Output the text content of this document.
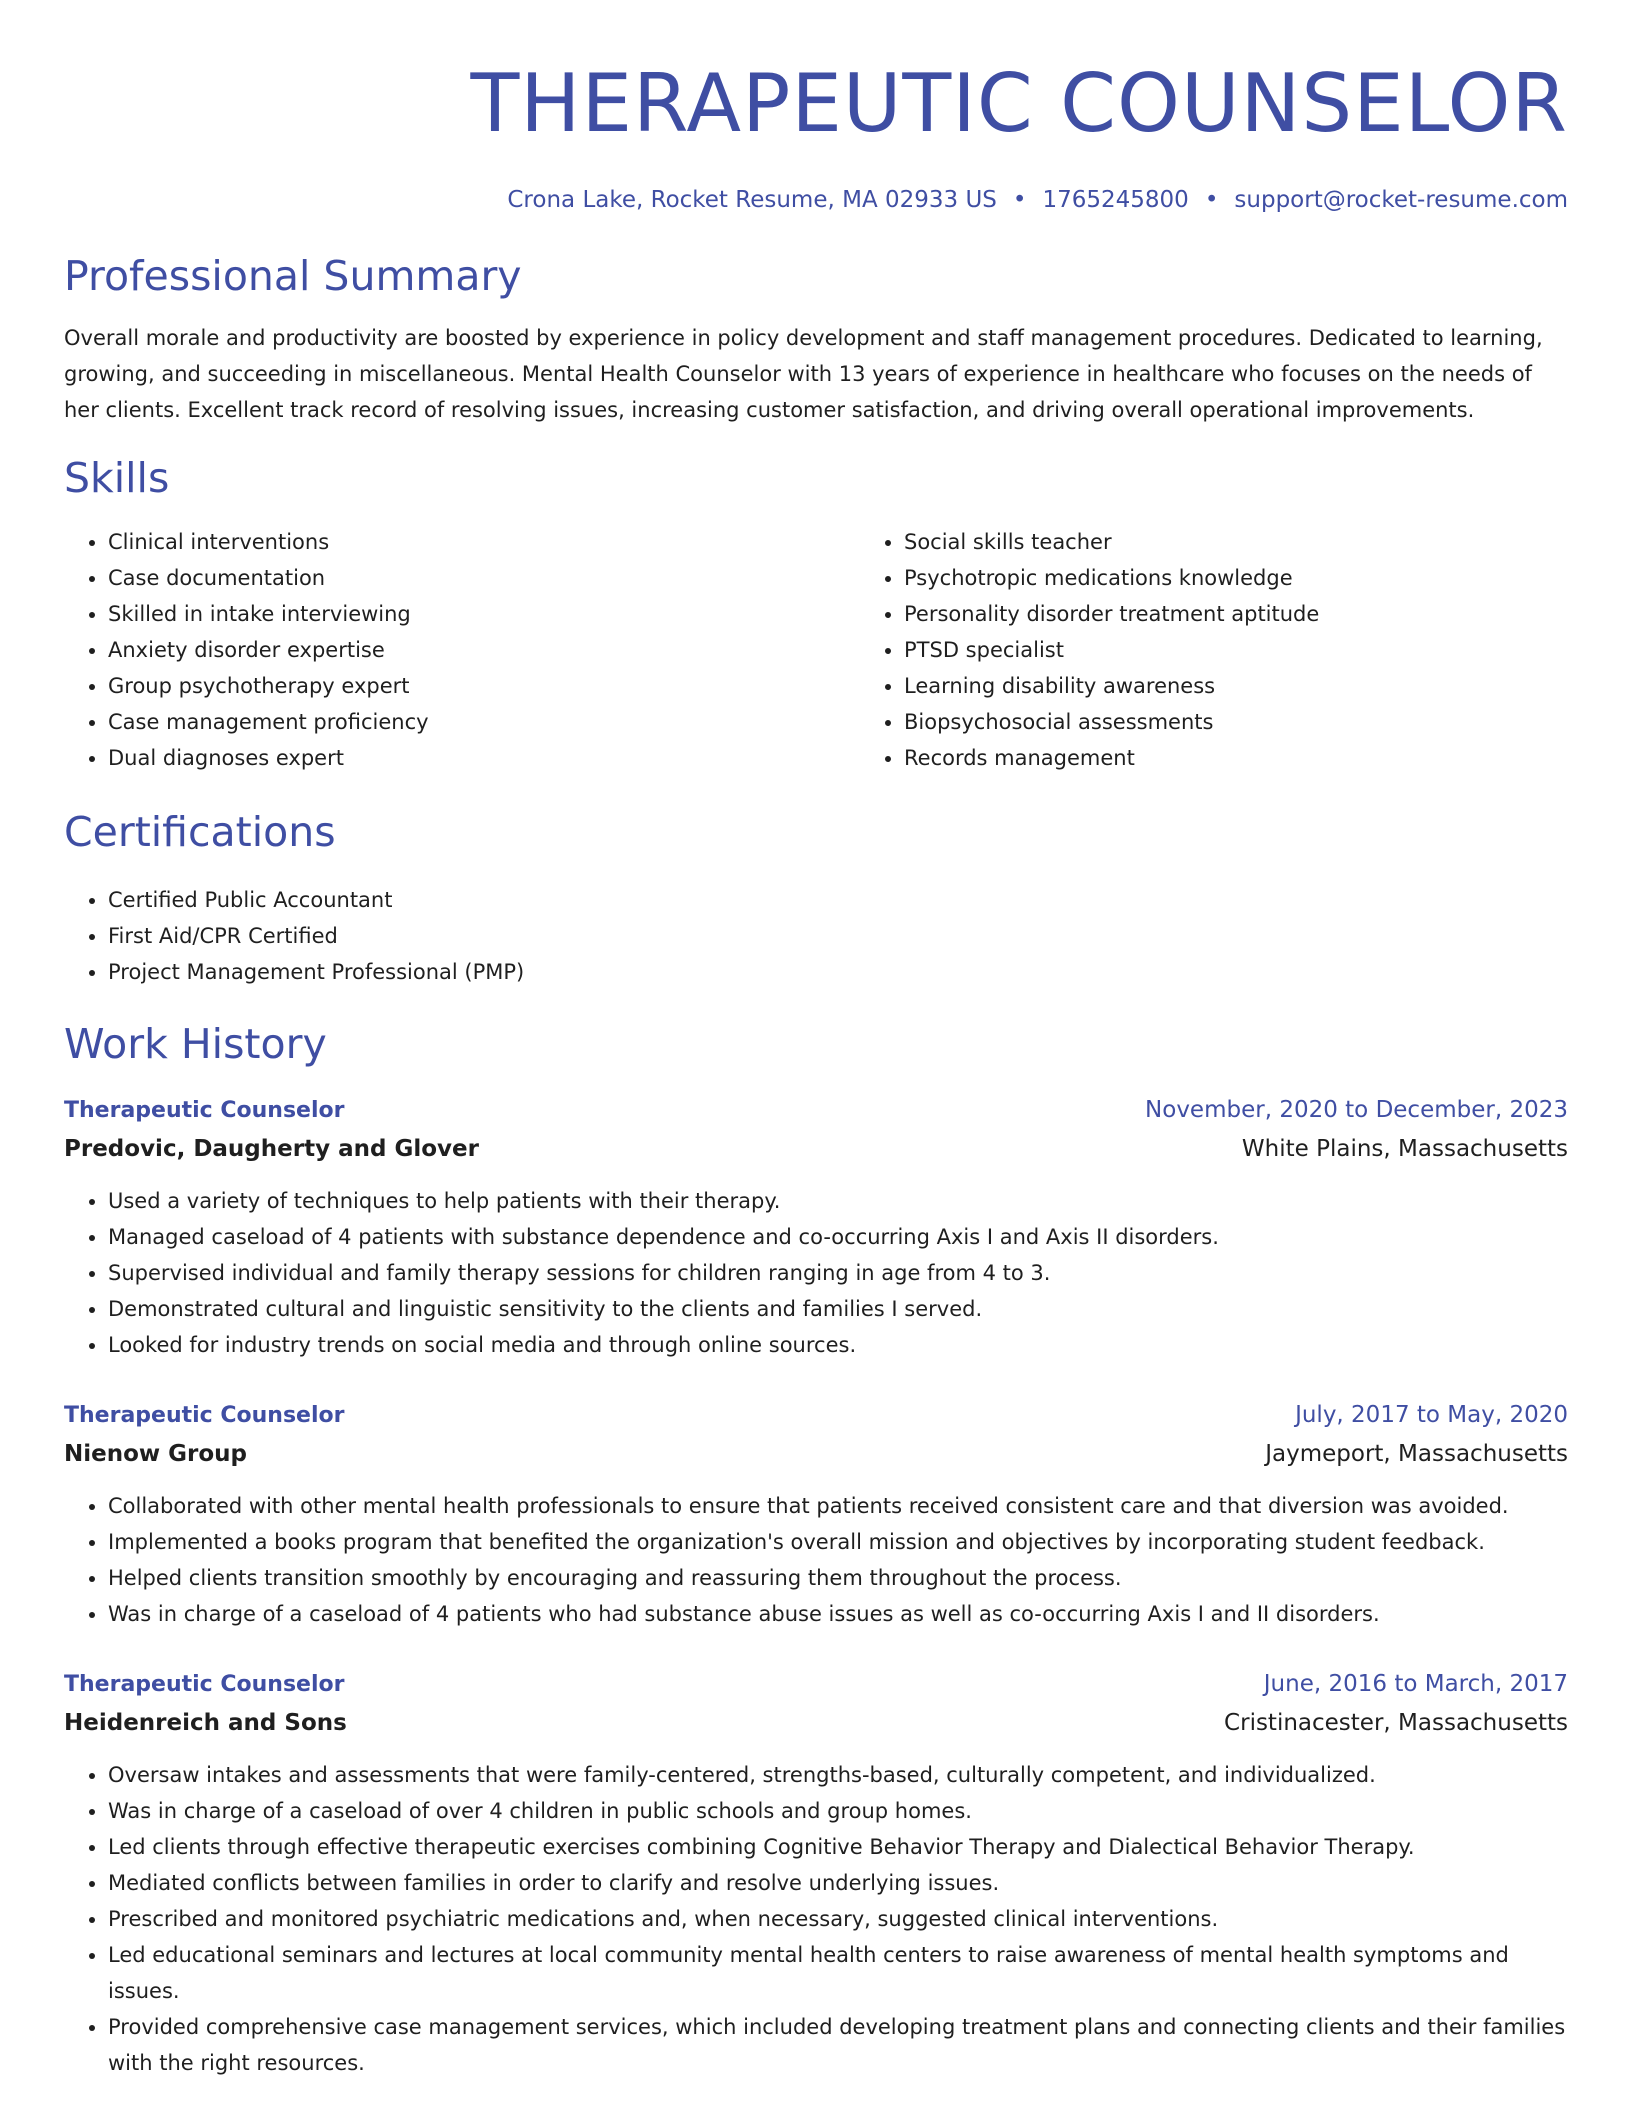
THERAPEUTIC COUNSELOR
Crona Lake, Rocket Resume, MA 02933 US • 1765245800 • support@rocket-resume.com
Professional Summary

Overall morale and productivity are boosted by experience in policy development and staff management procedures. Dedicated to learning, growing, and succeeding in miscellaneous. Mental Health Counselor with 13 years of experience in healthcare who focuses on the needs of her clients. Excellent track record of resolving issues, increasing customer satisfaction, and driving overall operational improvements.

Skills
• Clinical interventions
• Case documentation
• Skilled in intake interviewing
• Anxiety disorder expertise
• Group psychotherapy expert
• Case management proficiency
• Dual diagnoses expert
• Social skills teacher
• Psychotropic medications knowledge
• Personality disorder treatment aptitude
• PTSD specialist
• Learning disability awareness
• Biopsychosocial assessments
• Records management
Certifications
• Certified Public Accountant
• First Aid/CPR Certified
• Project Management Professional (PMP)
Work History
Therapeutic Counselor	November, 2020 to December, 2023
Predovic, Daugherty and Glover	White Plains, Massachusetts
• Used a variety of techniques to help patients with their therapy.
• Managed caseload of 4 patients with substance dependence and co-occurring Axis I and Axis II disorders.
• Supervised individual and family therapy sessions for children ranging in age from 4 to 3.
• Demonstrated cultural and linguistic sensitivity to the clients and families I served.
• Looked for industry trends on social media and through online sources.
Therapeutic Counselor	July, 2017 to May, 2020
Nienow Group	Jaymeport, Massachusetts
• Collaborated with other mental health professionals to ensure that patients received consistent care and that diversion was avoided.
• Implemented a books program that benefited the organization's overall mission and objectives by incorporating student feedback.
• Helped clients transition smoothly by encouraging and reassuring them throughout the process.
• Was in charge of a caseload of 4 patients who had substance abuse issues as well as co-occurring Axis I and II disorders.
Therapeutic Counselor	June, 2016 to March, 2017
Heidenreich and Sons	Cristinacester, Massachusetts
• Oversaw intakes and assessments that were family-centered, strengths-based, culturally competent, and individualized.
• Was in charge of a caseload of over 4 children in public schools and group homes.
• Led clients through effective therapeutic exercises combining Cognitive Behavior Therapy and Dialectical Behavior Therapy.
• Mediated conflicts between families in order to clarify and resolve underlying issues.
• Prescribed and monitored psychiatric medications and, when necessary, suggested clinical interventions.
• Led educational seminars and lectures at local community mental health centers to raise awareness of mental health symptoms and issues.
• Provided comprehensive case management services, which included developing treatment plans and connecting clients and their families with the right resources.
